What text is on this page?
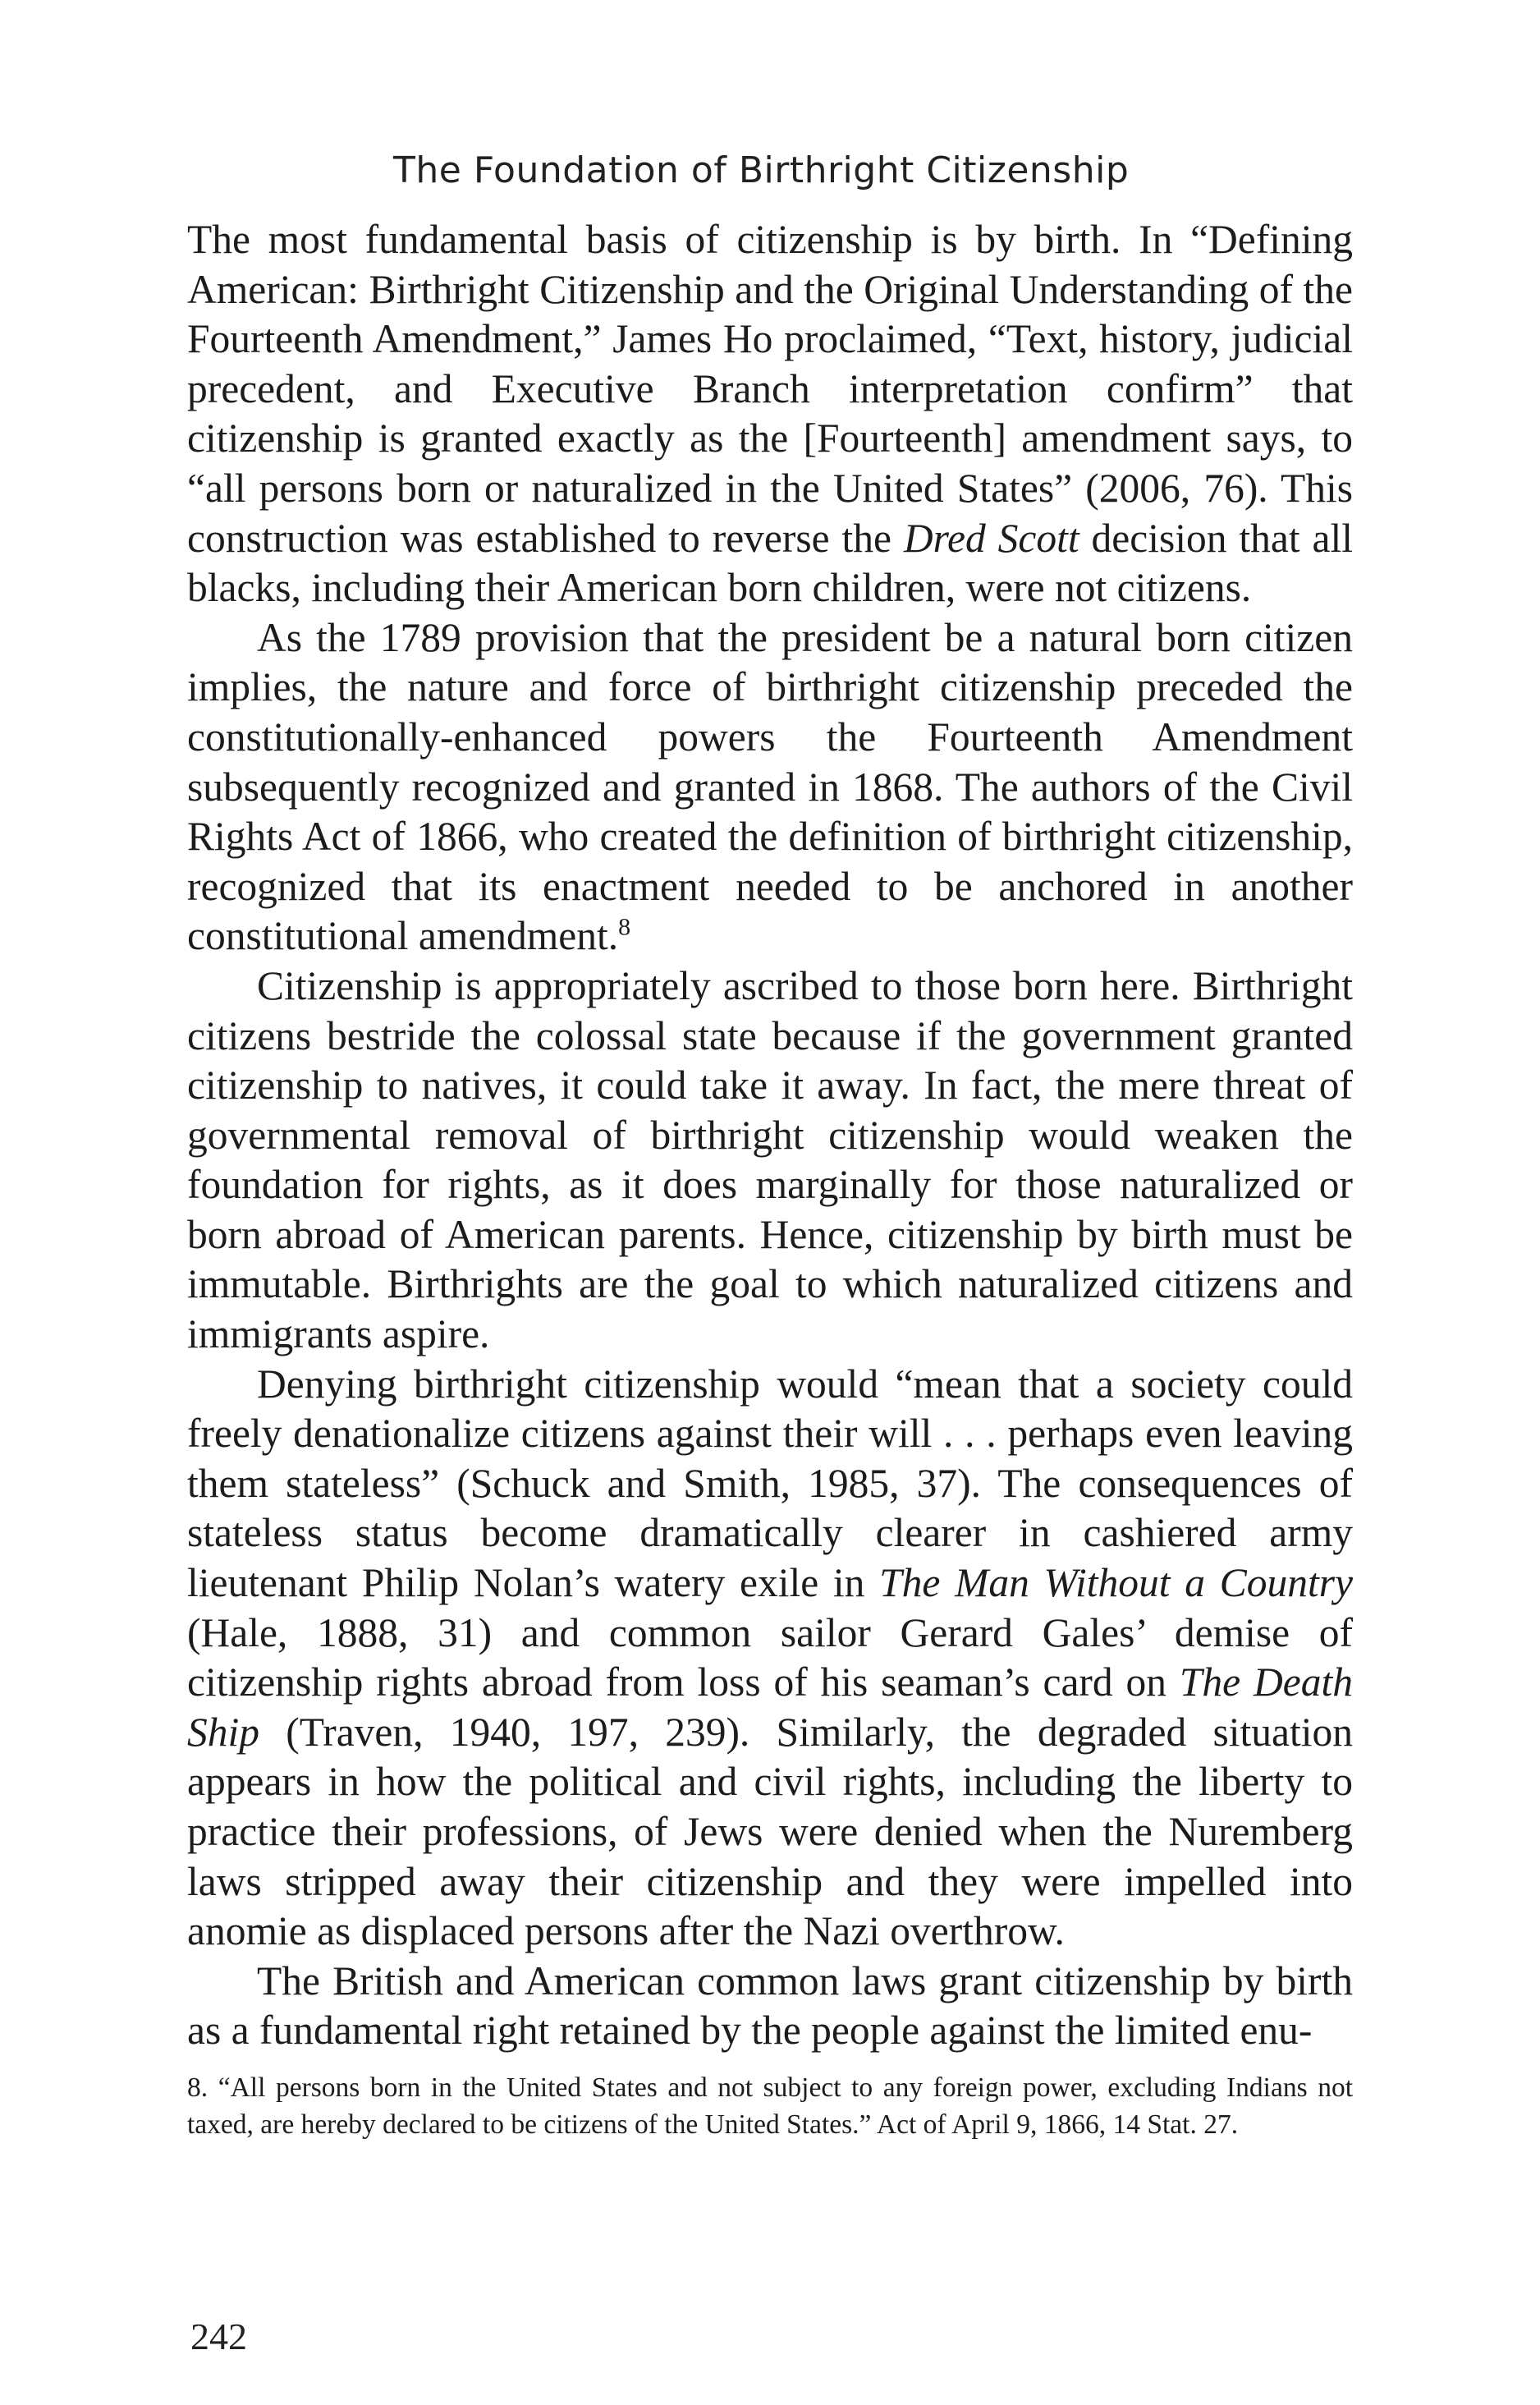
The Foundation of Birthright Citizenship

The most fundamental basis of citizenship is by birth. In “Defining American: Birthright Citizenship and the Original Understanding of the Fourteenth Amendment,” James Ho proclaimed, “Text, history, judicial precedent, and Executive Branch interpretation confirm” that citizenship is granted exactly as the [Fourteenth] amendment says, to “all persons born or naturalized in the United States” (2006, 76). This construction was established to reverse the Dred Scott decision that all blacks, including their American born children, were not citizens.

As the 1789 provision that the president be a natural born citizen implies, the nature and force of birthright citizenship preceded the constitutionally-enhanced powers the Fourteenth Amendment subsequently recognized and granted in 1868. The authors of the Civil Rights Act of 1866, who created the definition of birthright citizenship, recognized that its enactment needed to be anchored in another constitutional amendment.$^8$

Citizenship is appropriately ascribed to those born here. Birthright citizens bestride the colossal state because if the government granted citizenship to natives, it could take it away. In fact, the mere threat of governmental removal of birthright citizenship would weaken the foundation for rights, as it does marginally for those naturalized or born abroad of American parents. Hence, citizenship by birth must be immutable. Birthrights are the goal to which naturalized citizens and immigrants aspire.

Denying birthright citizenship would “mean that a society could freely denationalize citizens against their will . . . perhaps even leaving them stateless” (Schuck and Smith, 1985, 37). The consequences of stateless status become dramatically clearer in cashiered army lieutenant Philip Nolan’s watery exile in The Man Without a Country (Hale, 1888, 31) and common sailor Gerard Gales’ demise of citizenship rights abroad from loss of his seaman’s card on The Death Ship (Traven, 1940, 197, 239). Similarly, the degraded situation appears in how the political and civil rights, including the liberty to practice their professions, of Jews were denied when the Nuremberg laws stripped away their citizenship and they were impelled into anomie as displaced persons after the Nazi overthrow.

The British and American common laws grant citizenship by birth as a fundamental right retained by the people against the limited enu-

8. “All persons born in the United States and not subject to any foreign power, excluding Indians not taxed, are hereby declared to be citizens of the United States.” Act of April 9, 1866, 14 Stat. 27.

242
